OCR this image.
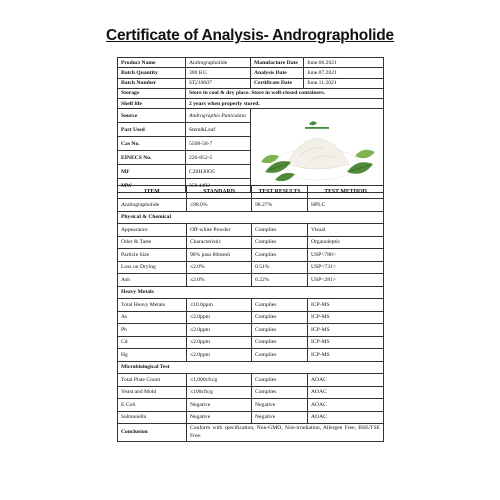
Certificate of Analysis- Andrographolide
Product Name	Andrographolide	Manufacture Date	June.06.2021
Batch Quantity	300 KG	Analysis Date	June.07.2021
Batch Number	ST210607	Certificate Date	June.11.2021
Storage	Store in cool & dry place. Store in well-closed containers.		
Shelf life	2 years when properly stored.		
Source	Andrographis Paniculata	

Part Used	Stem&Leaf		
Cas No.	5508-58-7		
EINECS No.	226-852-5		
MF	C20H30O5		
MW	350.4492		
ITEM	STANDARD	TEST RESULTS	TEST METHOD
Andrographolide	≥98.0%	98.27%	HPLC
Physical & Chemical			
Appearance	Off-white Powder	Complies	Visual
Odor & Taste	Characteristic	Complies	Organoleptic
Particle Size	98% pass 80mesh	Complies	USP<786>
Loss on Drying	≤2.0%	0.51%	USP<731>
Ash	≤2.0%	0.22%	USP<281>
Heavy Metals			
Total Heavy Metals	≤10.0ppm	Complies	ICP-MS
As	≤2.0ppm	Complies	ICP-MS
Pb	≤2.0ppm	Complies	ICP-MS
Cd	≤2.0ppm	Complies	ICP-MS
Hg	≤2.0ppm	Complies	ICP-MS
Microbiological Test			
Total Plate Count	≤1,000cfu/g	Complies	AOAC
Yeast and Mold	≤100cfu/g	Complies	AOAC
E.Coli	Negative	Negative	AOAC
Salmonella	Negative	Negative	AOAC
Conclusion	Conform with specification, Non-GMO, Non-irradiation, Allergen Free, BSE/TSE Free.		
